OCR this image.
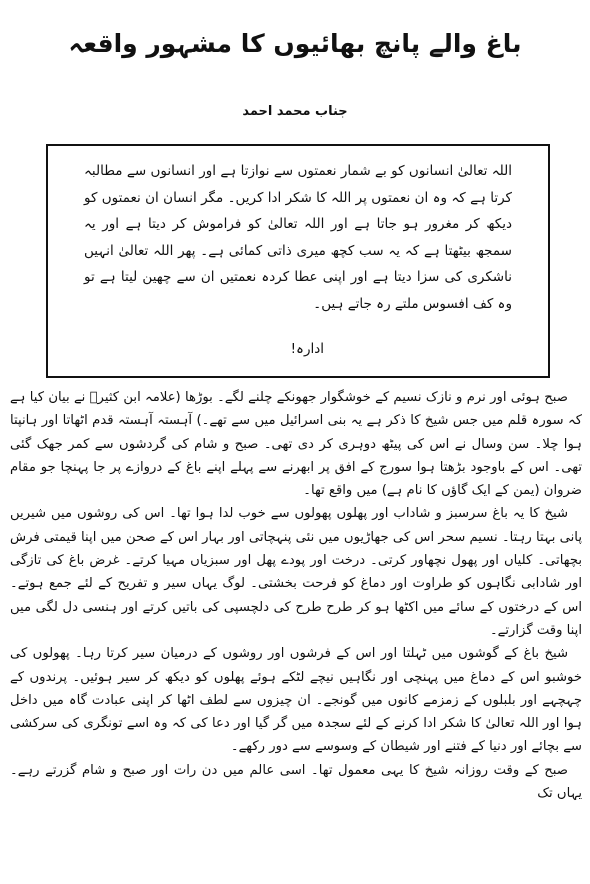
باغ والے پانچ بھائیوں کا مشہور واقعہ
جناب محمد احمد
اللہ تعالیٰ انسانوں کو بے شمار نعمتوں سے نوازتا ہے اور انسانوں سے مطالبہ کرتا ہے کہ وہ ان نعمتوں پر اللہ کا شکر ادا کریں۔ مگر انسان ان نعمتوں کو دیکھ کر مغرور ہو جاتا ہے اور اللہ تعالیٰ کو فراموش کر دیتا ہے اور یہ سمجھ بیٹھتا ہے کہ یہ سب کچھ میری ذاتی کمائی ہے۔ پھر اللہ تعالیٰ انہیں ناشکری کی سزا دیتا ہے اور اپنی عطا کردہ نعمتیں ان سے چھین لیتا ہے تو وہ کف افسوس ملتے رہ جاتے ہیں۔
ادارہ!

صبح ہوئی اور نرم و نازک نسیم کے خوشگوار جھونکے چلنے لگے۔ بوڑھا (علامہ ابن کثیرؒ نے بیان کیا ہے کہ سورہ قلم میں جس شیخ کا ذکر ہے یہ بنی اسرائیل میں سے تھے۔) آہستہ آہستہ قدم اٹھاتا اور ہانپتا ہوا چلا۔ سن وسال نے اس کی پیٹھ دوہری کر دی تھی۔ صبح و شام کی گردشوں سے کمر جھک گئی تھی۔ اس کے باوجود بڑھتا ہوا سورج کے افق پر ابھرنے سے پہلے اپنے باغ کے دروازے پر جا پہنچا جو مقام ضروان (یمن کے ایک گاؤں کا نام ہے) میں واقع تھا۔

شیخ کا یہ باغ سرسبز و شاداب اور پھلوں پھولوں سے خوب لدا ہوا تھا۔ اس کی روشوں میں شیریں پانی بہتا رہتا۔ نسیم سحر اس کی جھاڑیوں میں نئی پنہچاتی اور بہار اس کے صحن میں اپنا قیمتی فرش بچھاتی۔ کلیاں اور پھول نچھاور کرتی۔ درخت اور پودے پھل اور سبزیاں مہیا کرتے۔ غرض باغ کی تازگی اور شادابی نگاہوں کو طراوت اور دماغ کو فرحت بخشتی۔ لوگ یہاں سیر و تفریح کے لئے جمع ہوتے۔ اس کے درختوں کے سائے میں اکٹھا ہو کر طرح طرح کی دلچسپی کی باتیں کرتے اور ہنسی دل لگی میں اپنا وقت گزارتے۔

شیخ باغ کے گوشوں میں ٹہلتا اور اس کے فرشوں اور روشوں کے درمیان سیر کرتا رہا۔ پھولوں کی خوشبو اس کے دماغ میں پہنچی اور نگاہیں نیچے لٹکے ہوئے پھلوں کو دیکھ کر سیر ہوئیں۔ پرندوں کے چہچہے اور بلبلوں کے زمزمے کانوں میں گونجے۔ ان چیزوں سے لطف اٹھا کر اپنی عبادت گاہ میں داخل ہوا اور اللہ تعالیٰ کا شکر ادا کرنے کے لئے سجدہ میں گر گیا اور دعا کی کہ وہ اسے تونگری کی سرکشی سے بچائے اور دنیا کے فتنے اور شیطان کے وسوسے سے دور رکھے۔

صبح کے وقت روزانہ شیخ کا یہی معمول تھا۔ اسی عالم میں دن رات اور صبح و شام گزرتے رہے۔ یہاں تک
